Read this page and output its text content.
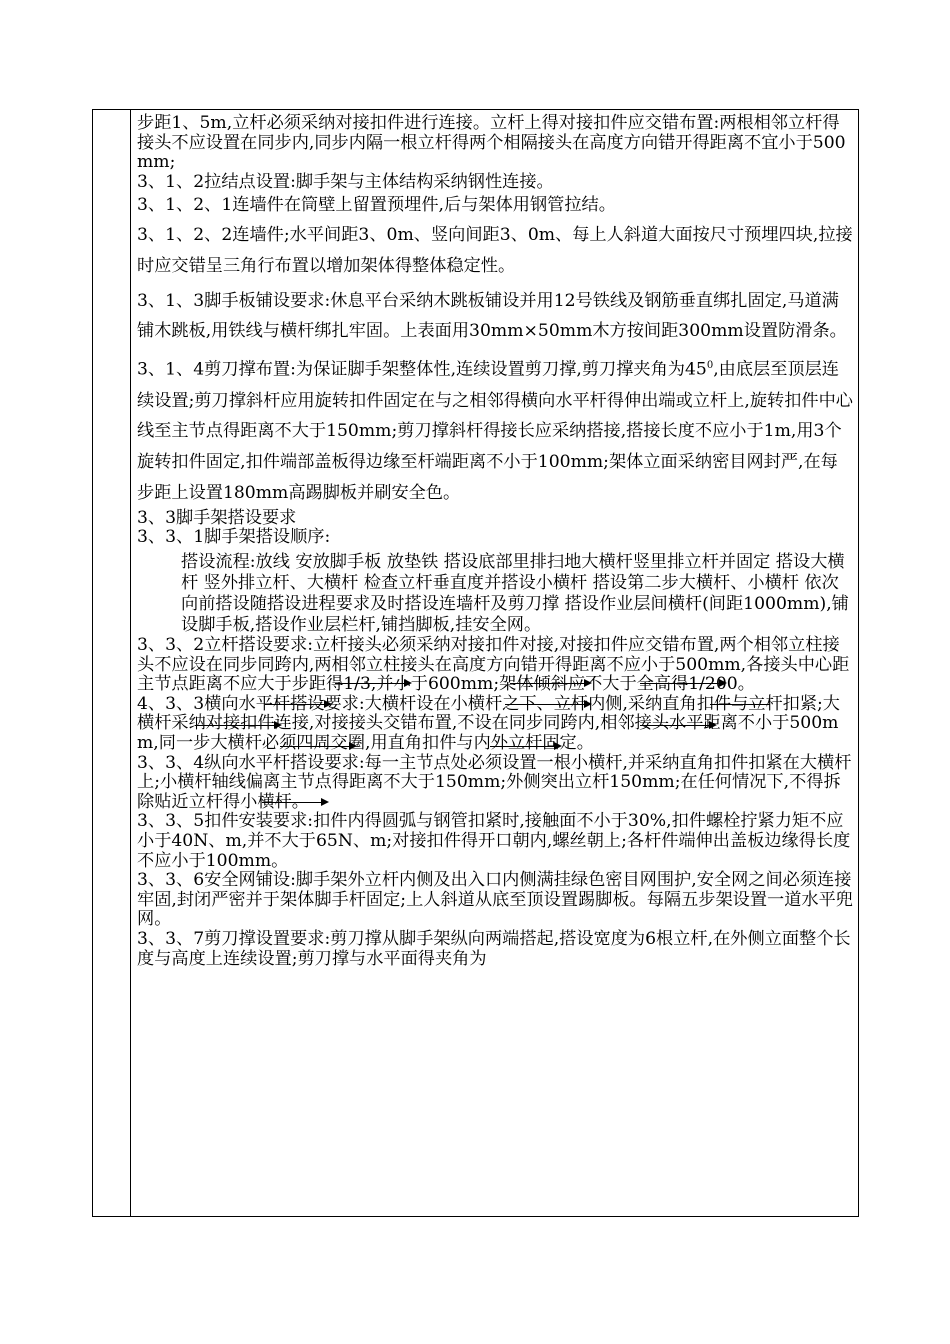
步距1、5m,立杆必须采纳对接扣件进行连接。立杆上得对接扣件应交错布置:两根相邻立杆得接头不应设置在同步内,同步内隔一根立杆得两个相隔接头在高度方向错开得距离不宜小于500mm;

3、1、2拉结点设置:脚手架与主体结构采纳钢性连接。

3、1、2、1连墙件在筒壁上留置预埋件,后与架体用钢管拉结。

3、1、2、2连墙件;水平间距3、0m、竖向间距3、0m、每上人斜道大面按尺寸预埋四块,拉接时应交错呈三角行布置以增加架体得整体稳定性。

3、1、3脚手板铺设要求:休息平台采纳木跳板铺设并用12号铁线及钢筋垂直绑扎固定,马道满铺木跳板,用铁线与横杆绑扎牢固。上表面用30mm×50mm木方按间距300mm设置防滑条。

3、1、4剪刀撑布置:为保证脚手架整体性,连续设置剪刀撑,剪刀撑夹角为$45^0$,由底层至顶层连续设置;剪刀撑斜杆应用旋转扣件固定在与之相邻得横向水平杆得伸出端或立杆上,旋转扣件中心线至主节点得距离不大于150mm;剪刀撑斜杆得接长应采纳搭接,搭接长度不应小于1m,用3个旋转扣件固定,扣件端部盖板得边缘至杆端距离不小于100mm;架体立面采纳密目网封严,在每步距上设置180mm高踢脚板并刷安全色。

3、3脚手架搭设要求

3、3、1脚手架搭设顺序:

搭设流程:放线 安放脚手板 放垫铁 搭设底部里排扫地大横杆竖里排立杆并固定 搭设大横杆 竖外排立杆、大横杆 检查立杆垂直度并搭设小横杆 搭设第二步大横杆、小横杆 依次向前搭设随搭设进程要求及时搭设连墙杆及剪刀撑 搭设作业层间横杆(间距1000mm),铺设脚手板,搭设作业层栏杆,铺挡脚板,挂安全网。

3、3、2立杆搭设要求:立杆接头必须采纳对接扣件对接,对接扣件应交错布置,两个相邻立柱接头不应设在同步同跨内,两相邻立柱接头在高度方向错开得距离不应小于500mm,各接头中心距主节点距离不应大于步距得1/3,并小于600mm;架体倾斜应不大于全高得1/200。

4、3、3横向水平杆搭设要求:大横杆设在小横杆之下、立杆内侧,采纳直角扣件与立杆扣紧;大横杆采纳对接扣件连接,对接接头交错布置,不设在同步同跨内,相邻接头水平距离不小于500mm,同一步大横杆必须四周交圈,用直角扣件与内外立杆固定。

3、3、4纵向水平杆搭设要求:每一主节点处必须设置一根小横杆,并采纳直角扣件扣紧在大横杆上;小横杆轴线偏离主节点得距离不大于150mm;外侧突出立杆150mm;在任何情况下,不得拆除贴近立杆得小横杆。

3、3、5扣件安装要求:扣件内得圆弧与钢管扣紧时,接触面不小于30%,扣件螺栓拧紧力矩不应小于40N、m,并不大于65N、m;对接扣件得开口朝内,螺丝朝上;各杆件端伸出盖板边缘得长度不应小于100mm。

3、3、6安全网铺设:脚手架外立杆内侧及出入口内侧满挂绿色密目网围护,安全网之间必须连接牢固,封闭严密并于架体脚手杆固定;上人斜道从底至顶设置踢脚板。每隔五步架设置一道水平兜网。

3、3、7剪刀撑设置要求:剪刀撑从脚手架纵向两端搭起,搭设宽度为6根立杆,在外侧立面整个长度与高度上连续设置;剪刀撑与水平面得夹角为
